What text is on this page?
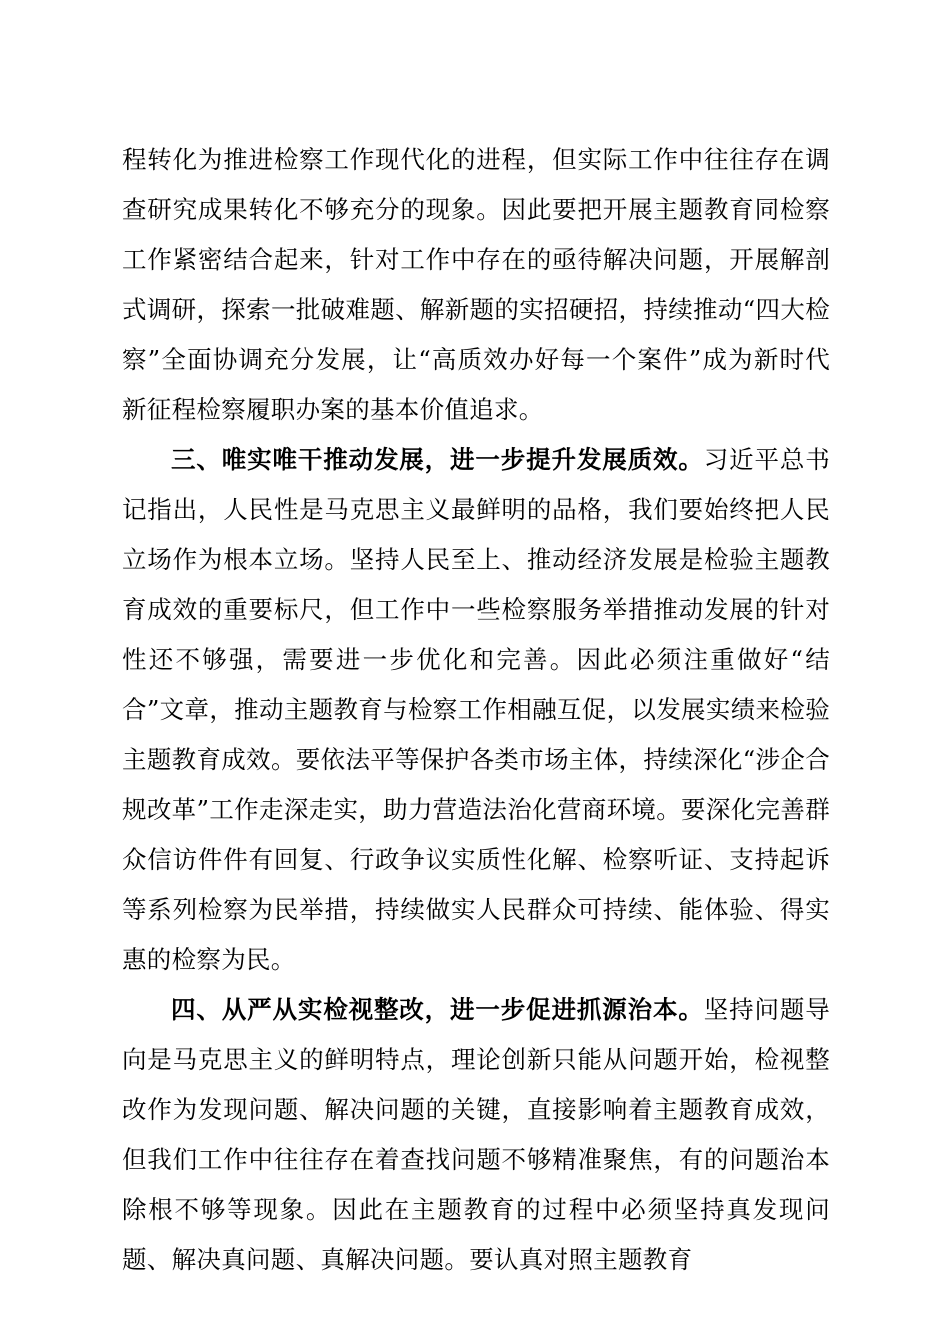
程转化为推进检察工作现代化的进程，但实际工作中往往存在调查研究成果转化不够充分的现象。因此要把开展主题教育同检察工作紧密结合起来，针对工作中存在的亟待解决问题，开展解剖式调研，探索一批破难题、解新题的实招硬招，持续推动“四大检察”全面协调充分发展，让“高质效办好每一个案件”成为新时代新征程检察履职办案的基本价值追求。

三、唯实唯干推动发展，进一步提升发展质效。习近平总书记指出，人民性是马克思主义最鲜明的品格，我们要始终把人民立场作为根本立场。坚持人民至上、推动经济发展是检验主题教育成效的重要标尺，但工作中一些检察服务举措推动发展的针对性还不够强，需要进一步优化和完善。因此必须注重做好“结合”文章，推动主题教育与检察工作相融互促，以发展实绩来检验主题教育成效。要依法平等保护各类市场主体，持续深化“涉企合规改革”工作走深走实，助力营造法治化营商环境。要深化完善群众信访件件有回复、行政争议实质性化解、检察听证、支持起诉等系列检察为民举措，持续做实人民群众可持续、能体验、得实惠的检察为民。

四、从严从实检视整改，进一步促进抓源治本。坚持问题导向是马克思主义的鲜明特点，理论创新只能从问题开始，检视整改作为发现问题、解决问题的关键，直接影响着主题教育成效，但我们工作中往往存在着查找问题不够精准聚焦，有的问题治本除根不够等现象。因此在主题教育的过程中必须坚持真发现问题、解决真问题、真解决问题。要认真对照主题教育
